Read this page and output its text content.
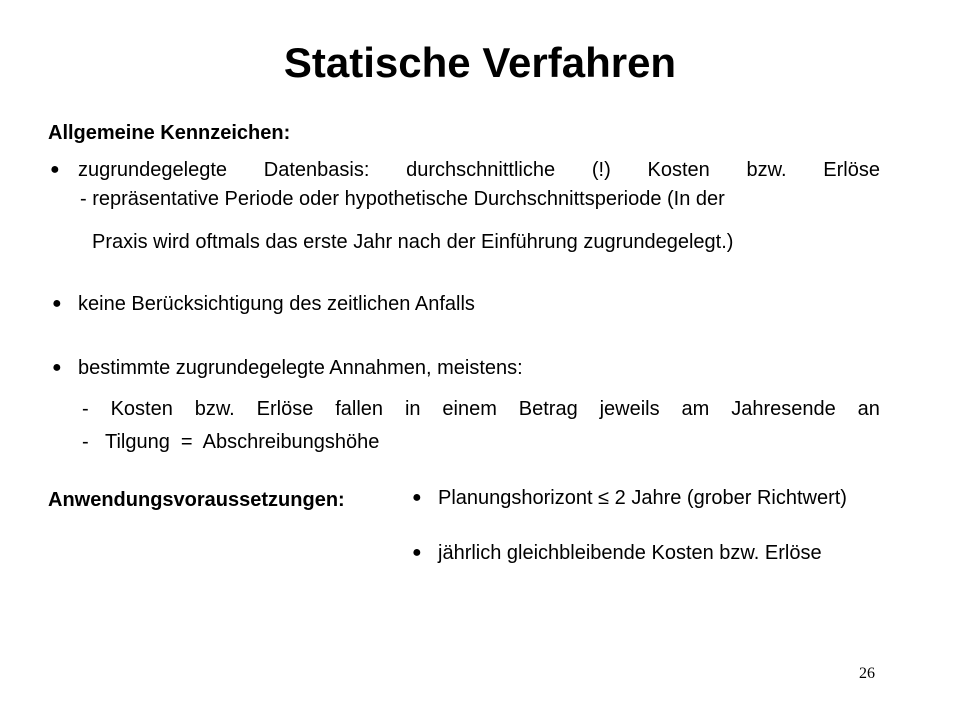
Statische Verfahren
Allgemeine Kennzeichen:
● zugrundegelegte Datenbasis: durchschnittliche (!) Kosten bzw. Erlöse
- repräsentative Periode oder hypothetische Durchschnittsperiode (In der
Praxis wird oftmals das erste Jahr nach der Einführung zugrundegelegt.)
● keine Berücksichtigung des zeitlichen Anfalls
● bestimmte zugrundegelegte Annahmen, meistens:
- Kosten bzw. Erlöse fallen in einem Betrag jeweils am Jahresende an
-   Tilgung  =  Abschreibungshöhe
Anwendungsvoraussetzungen:	● Planungshorizont ≤ 2 Jahre (grober Richtwert)
● jährlich gleichbleibende Kosten bzw. Erlöse
26
